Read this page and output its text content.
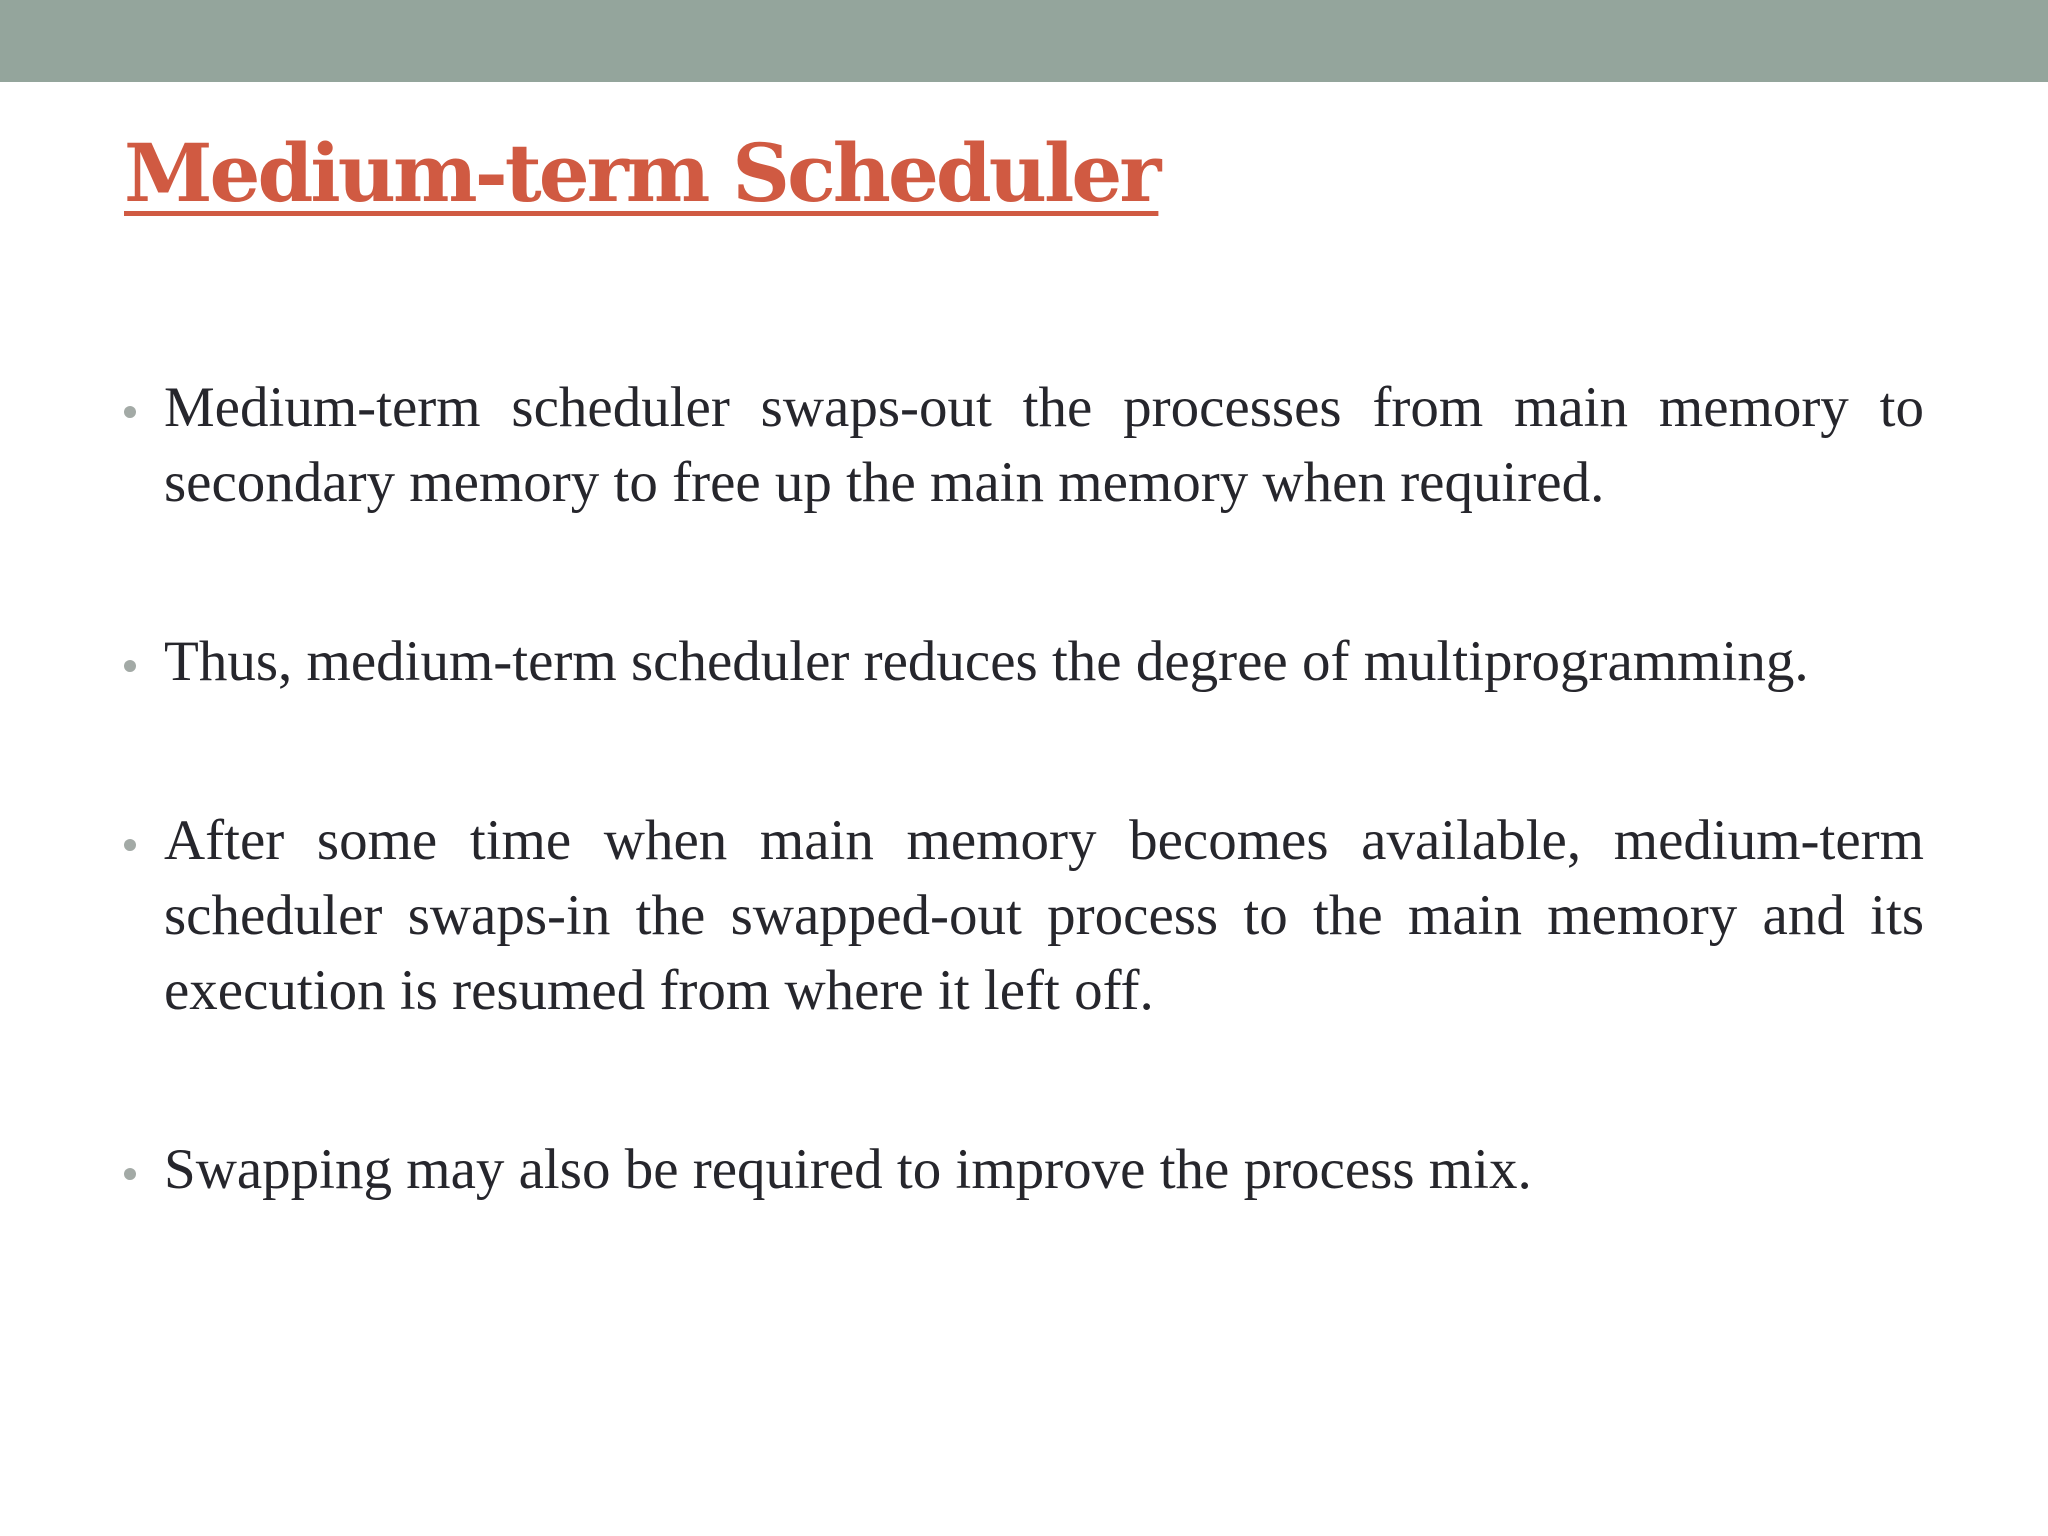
Medium-term Scheduler
Medium-term scheduler swaps-out the processes from main memory to secondary memory to free up the main memory when required.
Thus, medium-term scheduler reduces the degree of multiprogramming.
After some time when main memory becomes available, medium-term scheduler swaps-in the swapped-out process to the main memory and its execution is resumed from where it left off.
Swapping may also be required to improve the process mix.
